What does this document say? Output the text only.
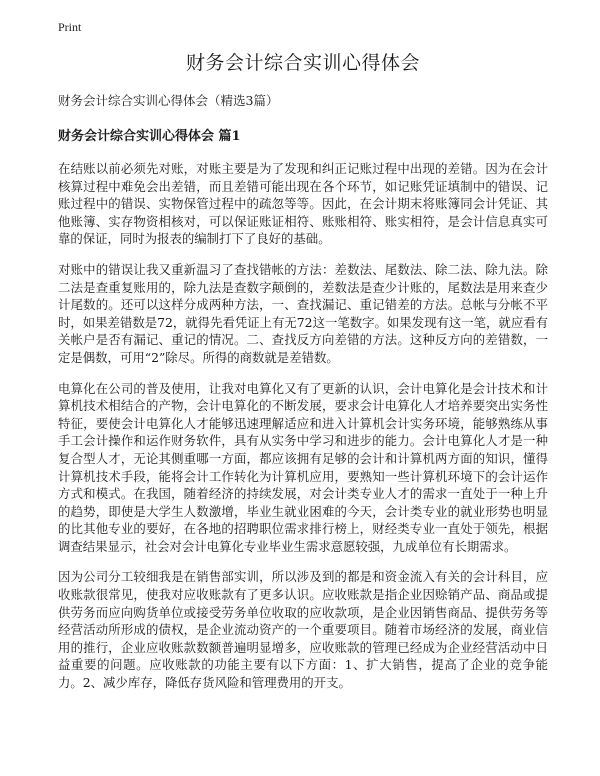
Print
财务会计综合实训心得体会

财务会计综合实训心得体会（精选3篇）

财务会计综合实训心得体会 篇1

在结账以前必须先对账，对账主要是为了发现和纠正记账过程中出现的差错。因为在会计核算过程中难免会出差错，而且差错可能出现在各个环节，如记账凭证填制中的错误、记账过程中的错误、实物保管过程中的疏忽等等。因此，在会计期末将账簿同会计凭证、其他账簿、实存物资相核对，可以保证账证相符、账账相符、账实相符，是会计信息真实可靠的保证，同时为报表的编制打下了良好的基础。

对账中的错误让我又重新温习了查找错帐的方法：差数法、尾数法、除二法、除九法。除二法是查重复账用的，除九法是查数字颠倒的，差数法是查少计账的，尾数法是用来查少计尾数的。还可以这样分成两种方法，一、查找漏记、重记错差的方法。总帐与分帐不平时，如果差错数是72，就得先看凭证上有无72这一笔数字。如果发现有这一笔，就应看有关帐户是否有漏记、重记的情况。二、查找反方向差错的方法。这种反方向的差错数，一定是偶数，可用“2”除尽。所得的商数就是差错数。

电算化在公司的普及使用，让我对电算化又有了更新的认识，会计电算化是会计技术和计算机技术相结合的产物，会计电算化的不断发展，要求会计电算化人才培养要突出实务性特征，要使会计电算化人才能够迅速理解适应和进入计算机会计实务环境，能够熟练从事手工会计操作和运作财务软件，具有从实务中学习和进步的能力。会计电算化人才是一种复合型人才，无论其侧重哪一方面，都应该拥有足够的会计和计算机两方面的知识，懂得计算机技术手段，能将会计工作转化为计算机应用，要熟知一些计算机环境下的会计运作方式和模式。在我国，随着经济的持续发展，对会计类专业人才的需求一直处于一种上升的趋势，即使是大学生人数激增，毕业生就业困难的今天，会计类专业的就业形势也明显的比其他专业的要好，在各地的招聘职位需求排行榜上，财经类专业一直处于领先，根据调查结果显示，社会对会计电算化专业毕业生需求意愿较强，九成单位有长期需求。

因为公司分工较细我是在销售部实训，所以涉及到的都是和资金流入有关的会计科目，应收账款很常见，使我对应收账款有了更多认识。应收账款是指企业因赊销产品、商品或提供劳务而应向购货单位或接受劳务单位收取的应收款项，是企业因销售商品、提供劳务等经营活动所形成的债权，是企业流动资产的一个重要项目。随着市场经济的发展，商业信用的推行，企业应收账款数额普遍明显增多，应收账款的管理已经成为企业经营活动中日益重要的问题。应收账款的功能主要有以下方面：1、扩大销售，提高了企业的竞争能力。2、减少库存，降低存货风险和管理费用的开支。
